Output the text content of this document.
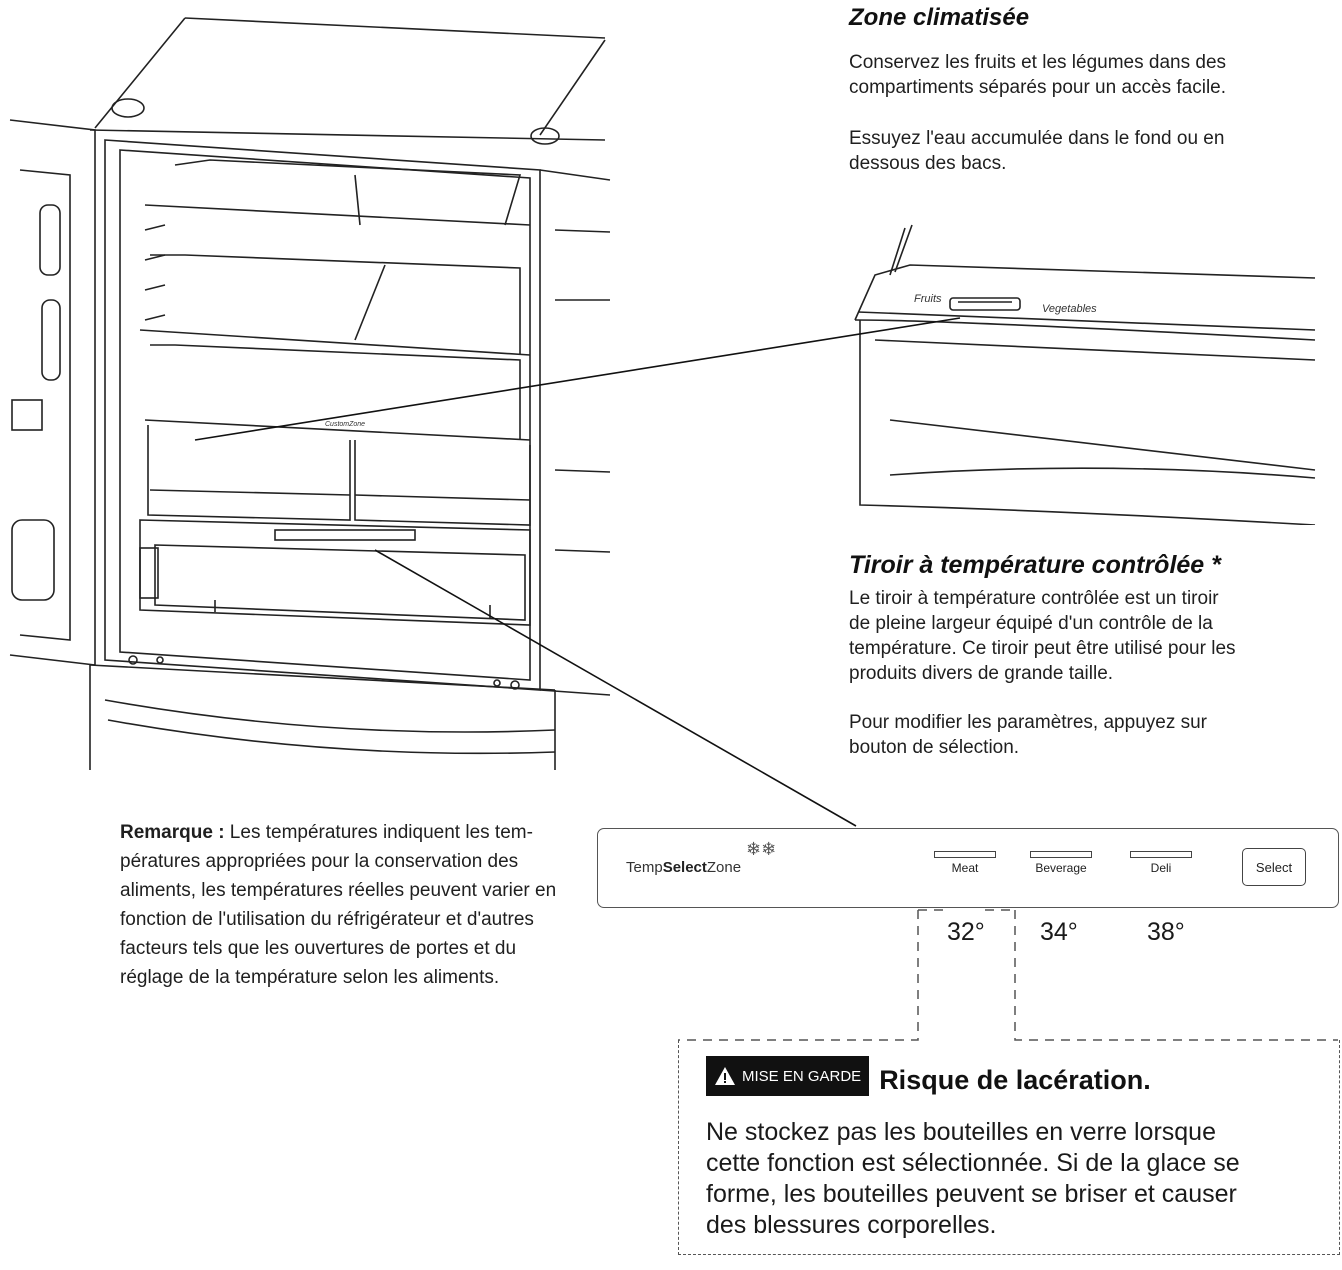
CustomZone
Fruits
Vegetables
Zone climatisée
Conservez les fruits et les légumes dans des
compartiments séparés pour un accès facile.
Essuyez l'eau accumulée dans le fond ou en
dessous des bacs.
Tiroir à température contrôlée *
Le tiroir à température contrôlée est un tiroir
de pleine largeur équipé d'un contrôle de la
température. Ce tiroir peut être utilisé pour les
produits divers de grande taille.
Pour modifier les paramètres, appuyez sur
bouton de sélection.
Remarque : Les températures indiquent les tem-
pératures appropriées pour la conservation des
aliments, les températures réelles peuvent varier en
fonction de l'utilisation du réfrigérateur et d'autres
facteurs tels que les ouvertures de portes et du
réglage de la température selon les aliments.
TempSelectZone
❄❄
Meat	Beverage	Deli	Select
32° 34°	38°
MISE EN GARDE Risque de lacération.
Ne stockez pas les bouteilles en verre lorsque
cette fonction est sélectionnée. Si de la glace se
forme, les bouteilles peuvent se briser et causer
des blessures corporelles.
